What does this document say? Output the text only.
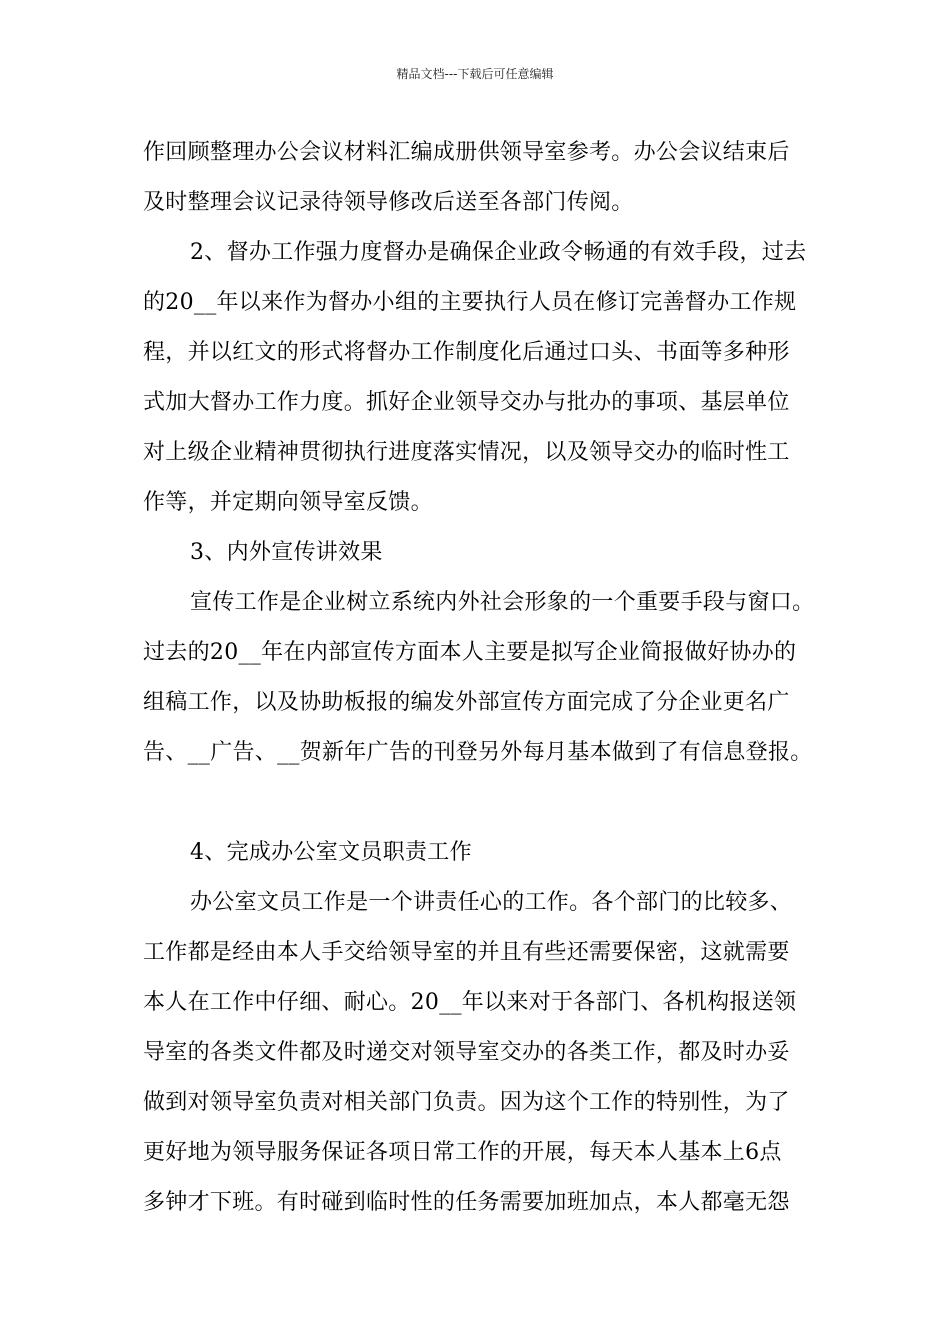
精品文档---下载后可任意编辑
作回顾整理办公会议材料汇编成册供领导室参考。办公会议结束后
及时整理会议记录待领导修改后送至各部门传阅。
2、督办工作强力度督办是确保企业政令畅通的有效手段，过去
的20__年以来作为督办小组的主要执行人员在修订完善督办工作规
程，并以红文的形式将督办工作制度化后通过口头、书面等多种形
式加大督办工作力度。抓好企业领导交办与批办的事项、基层单位
对上级企业精神贯彻执行进度落实情况，以及领导交办的临时性工
作等，并定期向领导室反馈。
3、内外宣传讲效果
宣传工作是企业树立系统内外社会形象的一个重要手段与窗口。
过去的20__年在内部宣传方面本人主要是拟写企业简报做好协办的
组稿工作，以及协助板报的编发外部宣传方面完成了分企业更名广
告、__广告、__贺新年广告的刊登另外每月基本做到了有信息登报。
4、完成办公室文员职责工作
办公室文员工作是一个讲责任心的工作。各个部门的比较多、
工作都是经由本人手交给领导室的并且有些还需要保密，这就需要
本人在工作中仔细、耐心。20__年以来对于各部门、各机构报送领
导室的各类文件都及时递交对领导室交办的各类工作，都及时办妥
做到对领导室负责对相关部门负责。因为这个工作的特别性，为了
更好地为领导服务保证各项日常工作的开展，每天本人基本上6点
多钟才下班。有时碰到临时性的任务需要加班加点，本人都毫无怨
